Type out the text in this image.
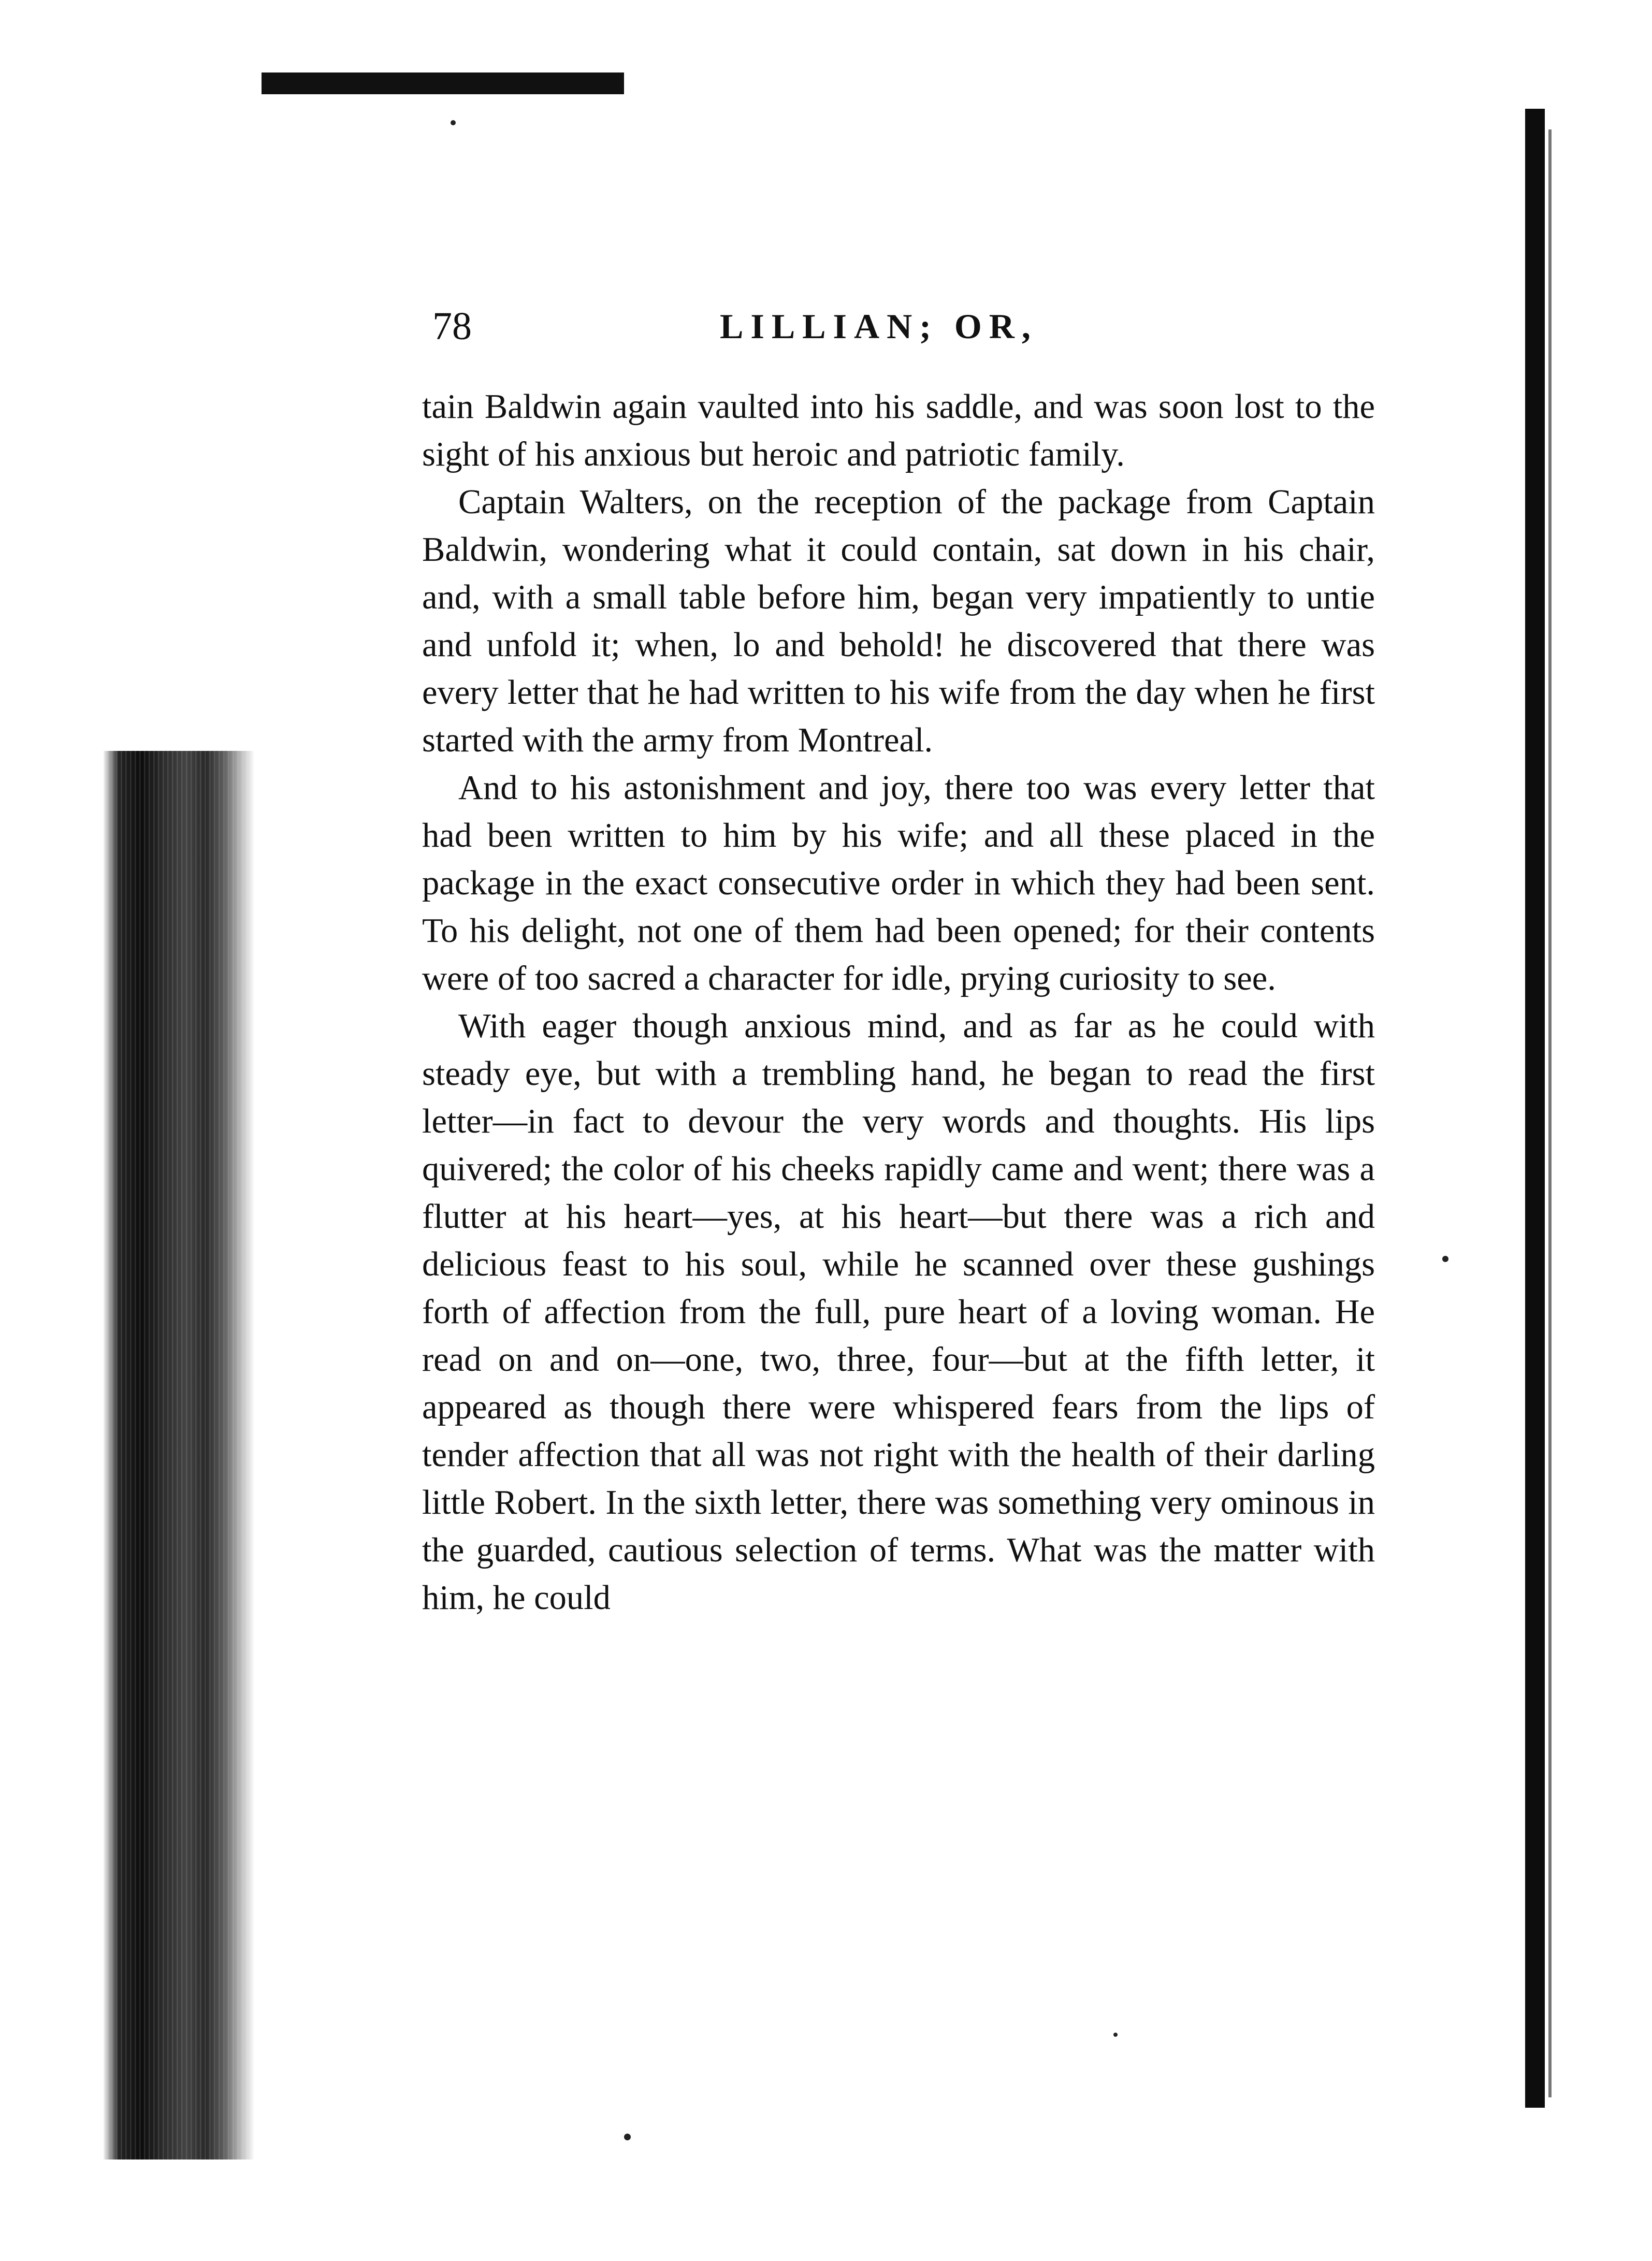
78	LILLIAN; OR,

tain Baldwin again vaulted into his saddle, and was soon lost to the sight of his anxious but heroic and patriotic family.

Captain Walters, on the reception of the package from Captain Baldwin, wondering what it could contain, sat down in his chair, and, with a small table before him, began very impatiently to untie and unfold it; when, lo and behold! he discovered that there was every letter that he had written to his wife from the day when he first started with the army from Montreal.

And to his astonishment and joy, there too was every letter that had been written to him by his wife; and all these placed in the package in the exact consecutive order in which they had been sent. To his delight, not one of them had been opened; for their contents were of too sacred a character for idle, prying curiosity to see.

With eager though anxious mind, and as far as he could with steady eye, but with a trembling hand, he began to read the first letter—in fact to devour the very words and thoughts. His lips quivered; the color of his cheeks rapidly came and went; there was a flutter at his heart—yes, at his heart—but there was a rich and delicious feast to his soul, while he scanned over these gushings forth of affection from the full, pure heart of a loving woman. He read on and on—one, two, three, four—but at the fifth letter, it appeared as though there were whispered fears from the lips of tender affection that all was not right with the health of their darling little Robert. In the sixth letter, there was something very ominous in the guarded, cautious selection of terms. What was the matter with him, he could
